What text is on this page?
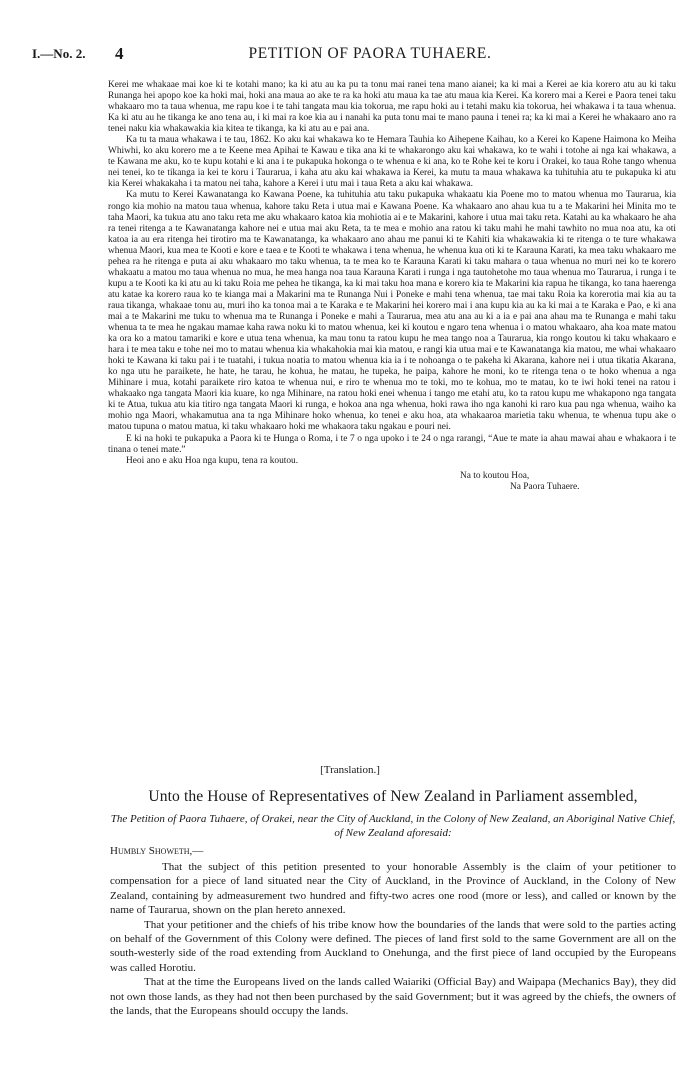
I.—No. 2. 4	PETITION OF PAORA TUHAERE.

Kerei me whakaae mai koe ki te kotahi mano; ka ki atu au ka pu ta tonu mai ranei tena mano aianei; ka ki mai a Kerei ae kia korero atu au ki taku Runanga hei apopo koe ka hoki mai, hoki ana maua ao ake te ra ka hoki atu maua ka tae atu maua kia Kerei. Ka korero mai a Kerei e Paora tenei taku whakaaro mo ta taua whenua, me rapu koe i te tahi tangata mau kia tokorua, me rapu hoki au i tetahi maku kia tokorua, hei whakawa i ta taua whenua. Ka ki atu au he tikanga ke ano tena au, i ki mai ra koe kia au i nanahi ka puta tonu mai te mano pauna i tenei ra; ka ki mai a Kerei he whakaaro ano ra tenei naku kia whakawakia kia kitea te tikanga, ka ki atu au e pai ana.

Ka tu ta maua whakawa i te tau, 1862. Ko aku kai whakawa ko te Hemara Tauhia ko Aihepene Kaihau, ko a Kerei ko Kapene Haimona ko Meiha Whiwhi, ko aku korero me a te Keene mea Apihai te Kawau e tika ana ki te whakarongo aku kai whakawa, ko te wahi i totohe ai nga kai whakawa, a te Kawana me aku, ko te kupu kotahi e ki ana i te pukapuka hokonga o te whenua e ki ana, ko te Rohe kei te koru i Orakei, ko taua Rohe tango whenua nei tenei, ko te tikanga ia kei te koru i Taurarua, i kaha atu aku kai whakawa ia Kerei, ka mutu ta maua whakawa ka tuhituhia atu te pukapuka ki atu kia Kerei whakakaha i ta matou nei taha, kahore a Kerei i utu mai i taua Reta a aku kai whakawa.

Ka mutu to Kerei Kawanatanga ko Kawana Poene, ka tuhituhia atu taku pukapuka whakaatu kia Poene mo to matou whenua mo Taurarua, kia rongo kia mohio na matou taua whenua, kahore taku Reta i utua mai e Kawana Poene. Ka whakaaro ano ahau kua tu a te Makarini hei Minita mo te taha Maori, ka tukua atu ano taku reta me aku whakaaro katoa kia mohiotia ai e te Makarini, kahore i utua mai taku reta. Katahi au ka whakaaro he aha ra tenei ritenga a te Kawanatanga kahore nei e utua mai aku Reta, ta te mea e mohio ana ratou ki taku mahi he mahi tawhito no mua noa atu, ka oti katoa ia au era ritenga hei tirotiro ma te Kawanatanga, ka whakaaro ano ahau me panui ki te Kahiti kia whakawakia ki te ritenga o te ture whakawa whenua Maori, kua mea te Kooti e kore e taea e te Kooti te whakawa i tena whenua, he whenua kua oti ki te Karauna Karati, ka mea taku whakaaro me pehea ra he ritenga e puta ai aku whakaaro mo taku whenua, ta te mea ko te Karauna Karati ki taku mahara o taua whenua no muri nei ko te korero whakaatu a matou mo taua whenua no mua, he mea hanga noa taua Karauna Karati i runga i nga tautohetohe mo taua whenua mo Taurarua, i runga i te kupu a te Kooti ka ki atu au ki taku Roia me pehea he tikanga, ka ki mai taku hoa mana e korero kia te Makarini kia rapua he tikanga, ko tana haerenga atu katae ka korero raua ko te kianga mai a Makarini ma te Runanga Nui i Poneke e mahi tena whenua, tae mai taku Roia ka korerotia mai kia au ta raua tikanga, whakaae tonu au, muri iho ka tonoa mai a te Karaka e te Makarini hei korero mai i ana kupu kia au ka ki mai a te Karaka e Pao, e ki ana mai a te Makarini me tuku to whenua ma te Runanga i Poneke e mahi a Taurarua, mea atu ana au ki a ia e pai ana ahau ma te Runanga e mahi taku whenua ta te mea he ngakau mamae kaha rawa noku ki to matou whenua, kei ki koutou e ngaro tena whenua i o matou whakaaro, aha koa mate matou ka ora ko a matou tamariki e kore e utua tena whenua, ka mau tonu ta ratou kupu he mea tango noa a Taurarua, kia rongo koutou ki taku whakaaro e hara i te mea taku e tohe nei mo to matau whenua kia whakahokia mai kia matou, e rangi kia utua mai e te Kawanatanga kia matou, me whai whakaaro hoki te Kawana ki taku pai i te tuatahi, i tukua noatia to matou whenua kia ia i te nohoanga o te pakeha ki Akarana, kahore nei i utua tikatia Akarana, ko nga utu he paraikete, he hate, he tarau, he kohua, he matau, he tupeka, he paipa, kahore he moni, ko te ritenga tena o te hoko whenua a nga Mihinare i mua, kotahi paraikete riro katoa te whenua nui, e riro te whenua mo te toki, mo te kohua, mo te matau, ko te iwi hoki tenei na ratou i whakaako nga tangata Maori kia kuare, ko nga Mihinare, na ratou hoki enei whenua i tango me etahi atu, ko ta ratou kupu me whakapono nga tangata ki te Atua, tukua atu kia titiro nga tangata Maori ki runga, e hokoa ana nga whenua, hoki rawa iho nga kanohi ki raro kua pau nga whenua, waiho ka mohio nga Maori, whakamutua ana ta nga Mihinare hoko whenua, ko tenei e aku hoa, ata whakaaroa marietia taku whenua, te whenua tupu ake o matou tupuna o matou matua, ki taku whakaaro hoki me whakaora taku ngakau e pouri nei.

E ki na hoki te pukapuka a Paora ki te Hunga o Roma, i te 7 o nga upoko i te 24 o nga rarangi, “Aue te mate ia ahau mawai ahau e whakaora i te tinana o tenei mate.”

Heoi ano e aku Hoa nga kupu, tena ra koutou.

Na to koutou Hoa,
Na Paora Tuhaere.
[Translation.]
Unto the House of Representatives of New Zealand in Parliament assembled,
The Petition of Paora Tuhaere, of Orakei, near the City of Auckland, in the Colony of New Zealand, an Aboriginal Native Chief, of New Zealand aforesaid:
Humbly Showeth,—

That the subject of this petition presented to your honorable Assembly is the claim of your petitioner to compensation for a piece of land situated near the City of Auckland, in the Province of Auckland, in the Colony of New Zealand, containing by admeasurement two hundred and fifty-two acres one rood (more or less), and called or known by the name of Taurarua, shown on the plan hereto annexed.

That your petitioner and the chiefs of his tribe know how the boundaries of the lands that were sold to the parties acting on behalf of the Government of this Colony were defined. The pieces of land first sold to the same Government are all on the south-westerly side of the road extending from Auckland to Onehunga, and the first piece of land occupied by the Europeans was called Horotiu.

That at the time the Europeans lived on the lands called Waiariki (Official Bay) and Waipapa (Mechanics Bay), they did not own those lands, as they had not then been purchased by the said Government; but it was agreed by the chiefs, the owners of the lands, that the Europeans should occupy the lands.
